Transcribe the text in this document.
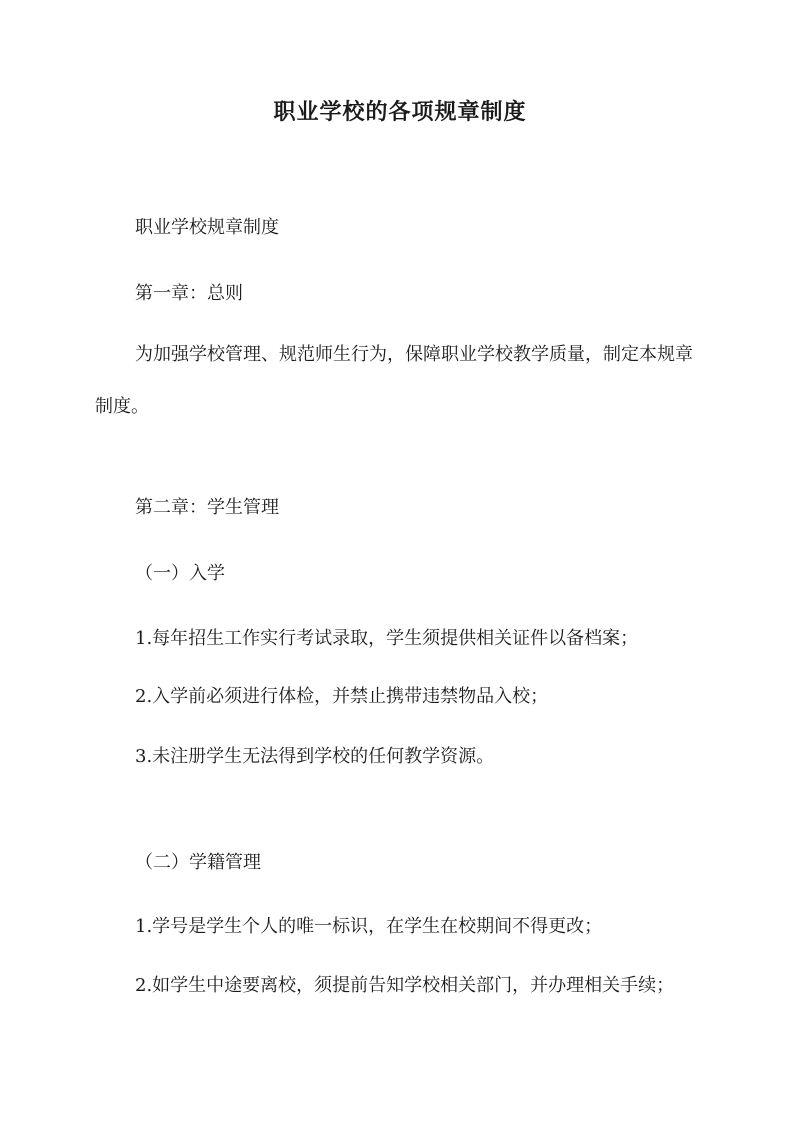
职业学校的各项规章制度
职业学校规章制度
第一章：总则
为加强学校管理、规范师生行为，保障职业学校教学质量，制定本规章制度。
第二章：学生管理
（一）入学
1.每年招生工作实行考试录取，学生须提供相关证件以备档案；
2.入学前必须进行体检，并禁止携带违禁物品入校；
3.未注册学生无法得到学校的任何教学资源。
（二）学籍管理
1.学号是学生个人的唯一标识，在学生在校期间不得更改；
2.如学生中途要离校，须提前告知学校相关部门，并办理相关手续；
